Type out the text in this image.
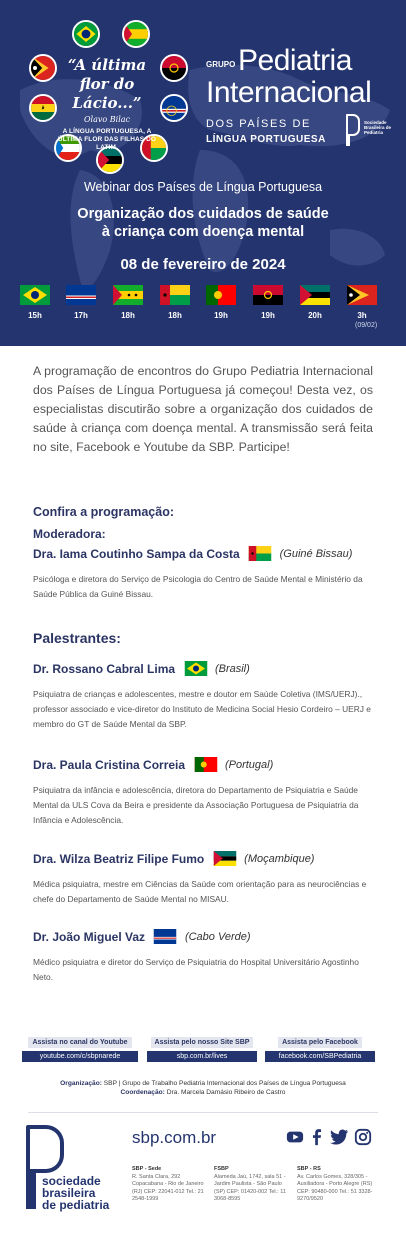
“A última flor do Lácio...”
Olavo Bilac
A LÍNGUA PORTUGUESA, A ÚLTIMA FLOR DAS FILHAS DO LATIM.
GRUPO Pediatria
Internacional
DOS PAÍSES DE
LÍNGUA PORTUGUESA
Sociedade Brasileira de Pediatria
Webinar dos Países de Língua Portuguesa
Organização dos cuidados de saúde
à criança com doença mental
08 de fevereiro de 2024
15h	17h	18h	18h	19h	19h	20h	3h
(09/02)

A programação de encontros do Grupo Pediatria Internacional dos Países de Língua Portuguesa já começou! Desta vez, os especialistas discutirão sobre a organização dos cuidados de saúde à criança com doença mental. A transmissão será feita no site, Facebook e Youtube da SBP. Participe!

Confira a programação:
Moderadora:
Dra. Iama Coutinho Sampa da Costa	(Guiné Bissau)
Psicóloga e diretora do Serviço de Psicologia do Centro de Saúde Mental e Ministério da Saúde Pública da Guiné Bissau.
Palestrantes:
Dr. Rossano Cabral Lima	(Brasil)
Psiquiatra de crianças e adolescentes, mestre e doutor em Saúde Coletiva (IMS/UERJ)., professor associado e vice-diretor do Instituto de Medicina Social Hesio Cordeiro – UERJ e membro do GT de Saúde Mental da SBP.
Dra. Paula Cristina Correia	(Portugal)
Psiquiatra da infância e adolescência, diretora do Departamento de Psiquiatria e Saúde Mental da ULS Cova da Beira e presidente da Associação Portuguesa de Psiquiatria da Infância e Adolescência.
Dra. Wilza Beatriz Filipe Fumo	(Moçambique)
Médica psiquiatra, mestre em Ciências da Saúde com orientação para as neurociências e chefe do Departamento de Saúde Mental no MISAU.
Dr. João Miguel Vaz	(Cabo Verde)
Médico psiquiatra e diretor do Serviço de Psiquiatria do Hospital Universitário Agostinho Neto.
Assista no canal do Youtube
youtube.com/c/sbpnarede
Assista pelo nosso Site SBP
sbp.com.br/lives
Assista pelo Facebook
facebook.com/SBPediatria
Organização: SBP | Grupo de Trabalho Pediatria Internacional dos Países de Língua Portuguesa
Coordenação: Dra. Marcela Damásio Ribeiro de Castro
sociedade
brasileira
de pediatria
sbp.com.br
SBP - Sede
R. Santa Clara, 292 Copacabana - Rio de Janeiro (RJ) CEP: 22041-012 Tel.: 21 2548-1999
FSBP
Alameda Jaú, 1742, sala 51 - Jardim Paulista - São Paulo (SP) CEP: 01420-002 Tel.: 11 3068-8595
SBP - RS
Av. Carlos Gomes, 328/305 - Auxiliadora - Porto Alegre (RS) CEP: 90480-000 Tel.: 51 3328-9270/9520
